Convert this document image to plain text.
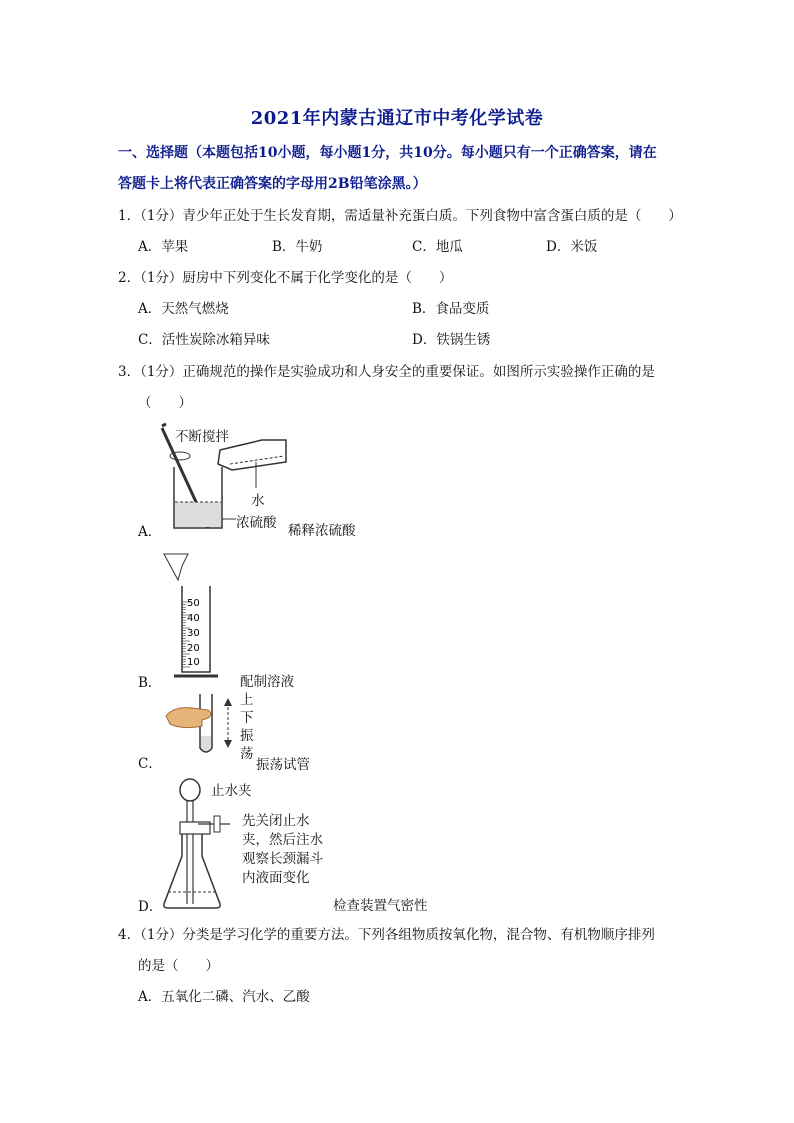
2021年内蒙古通辽市中考化学试卷
一、选择题（本题包括10小题，每小题1分，共10分。每小题只有一个正确答案，请在
答题卡上将代表正确答案的字母用2B铅笔涂黑。）
1．（1分）青少年正处于生长发育期，需适量补充蛋白质。下列食物中富含蛋白质的是（　　）
A．苹果	B．牛奶	C．地瓜	D．米饭
2．（1分）厨房中下列变化不属于化学变化的是（　　）
A．天然气燃烧	B．食品变质
C．活性炭除冰箱异味	D．铁锅生锈
3．（1分）正确规范的操作是实验成功和人身安全的重要保证。如图所示实验操作正确的是
（　　）
不断搅拌
水
浓硫酸 稀释浓硫酸
A．
50
40
30
20
10
配制溶液
B．
上
下
振
荡
振荡试管
C．
止水夹
先关闭止水
夹，然后注水
观察长颈漏斗
内液面变化
检查装置气密性
D．
4．（1分）分类是学习化学的重要方法。下列各组物质按氧化物，混合物、有机物顺序排列
的是（　　）
A．五氧化二磷、汽水、乙酸
